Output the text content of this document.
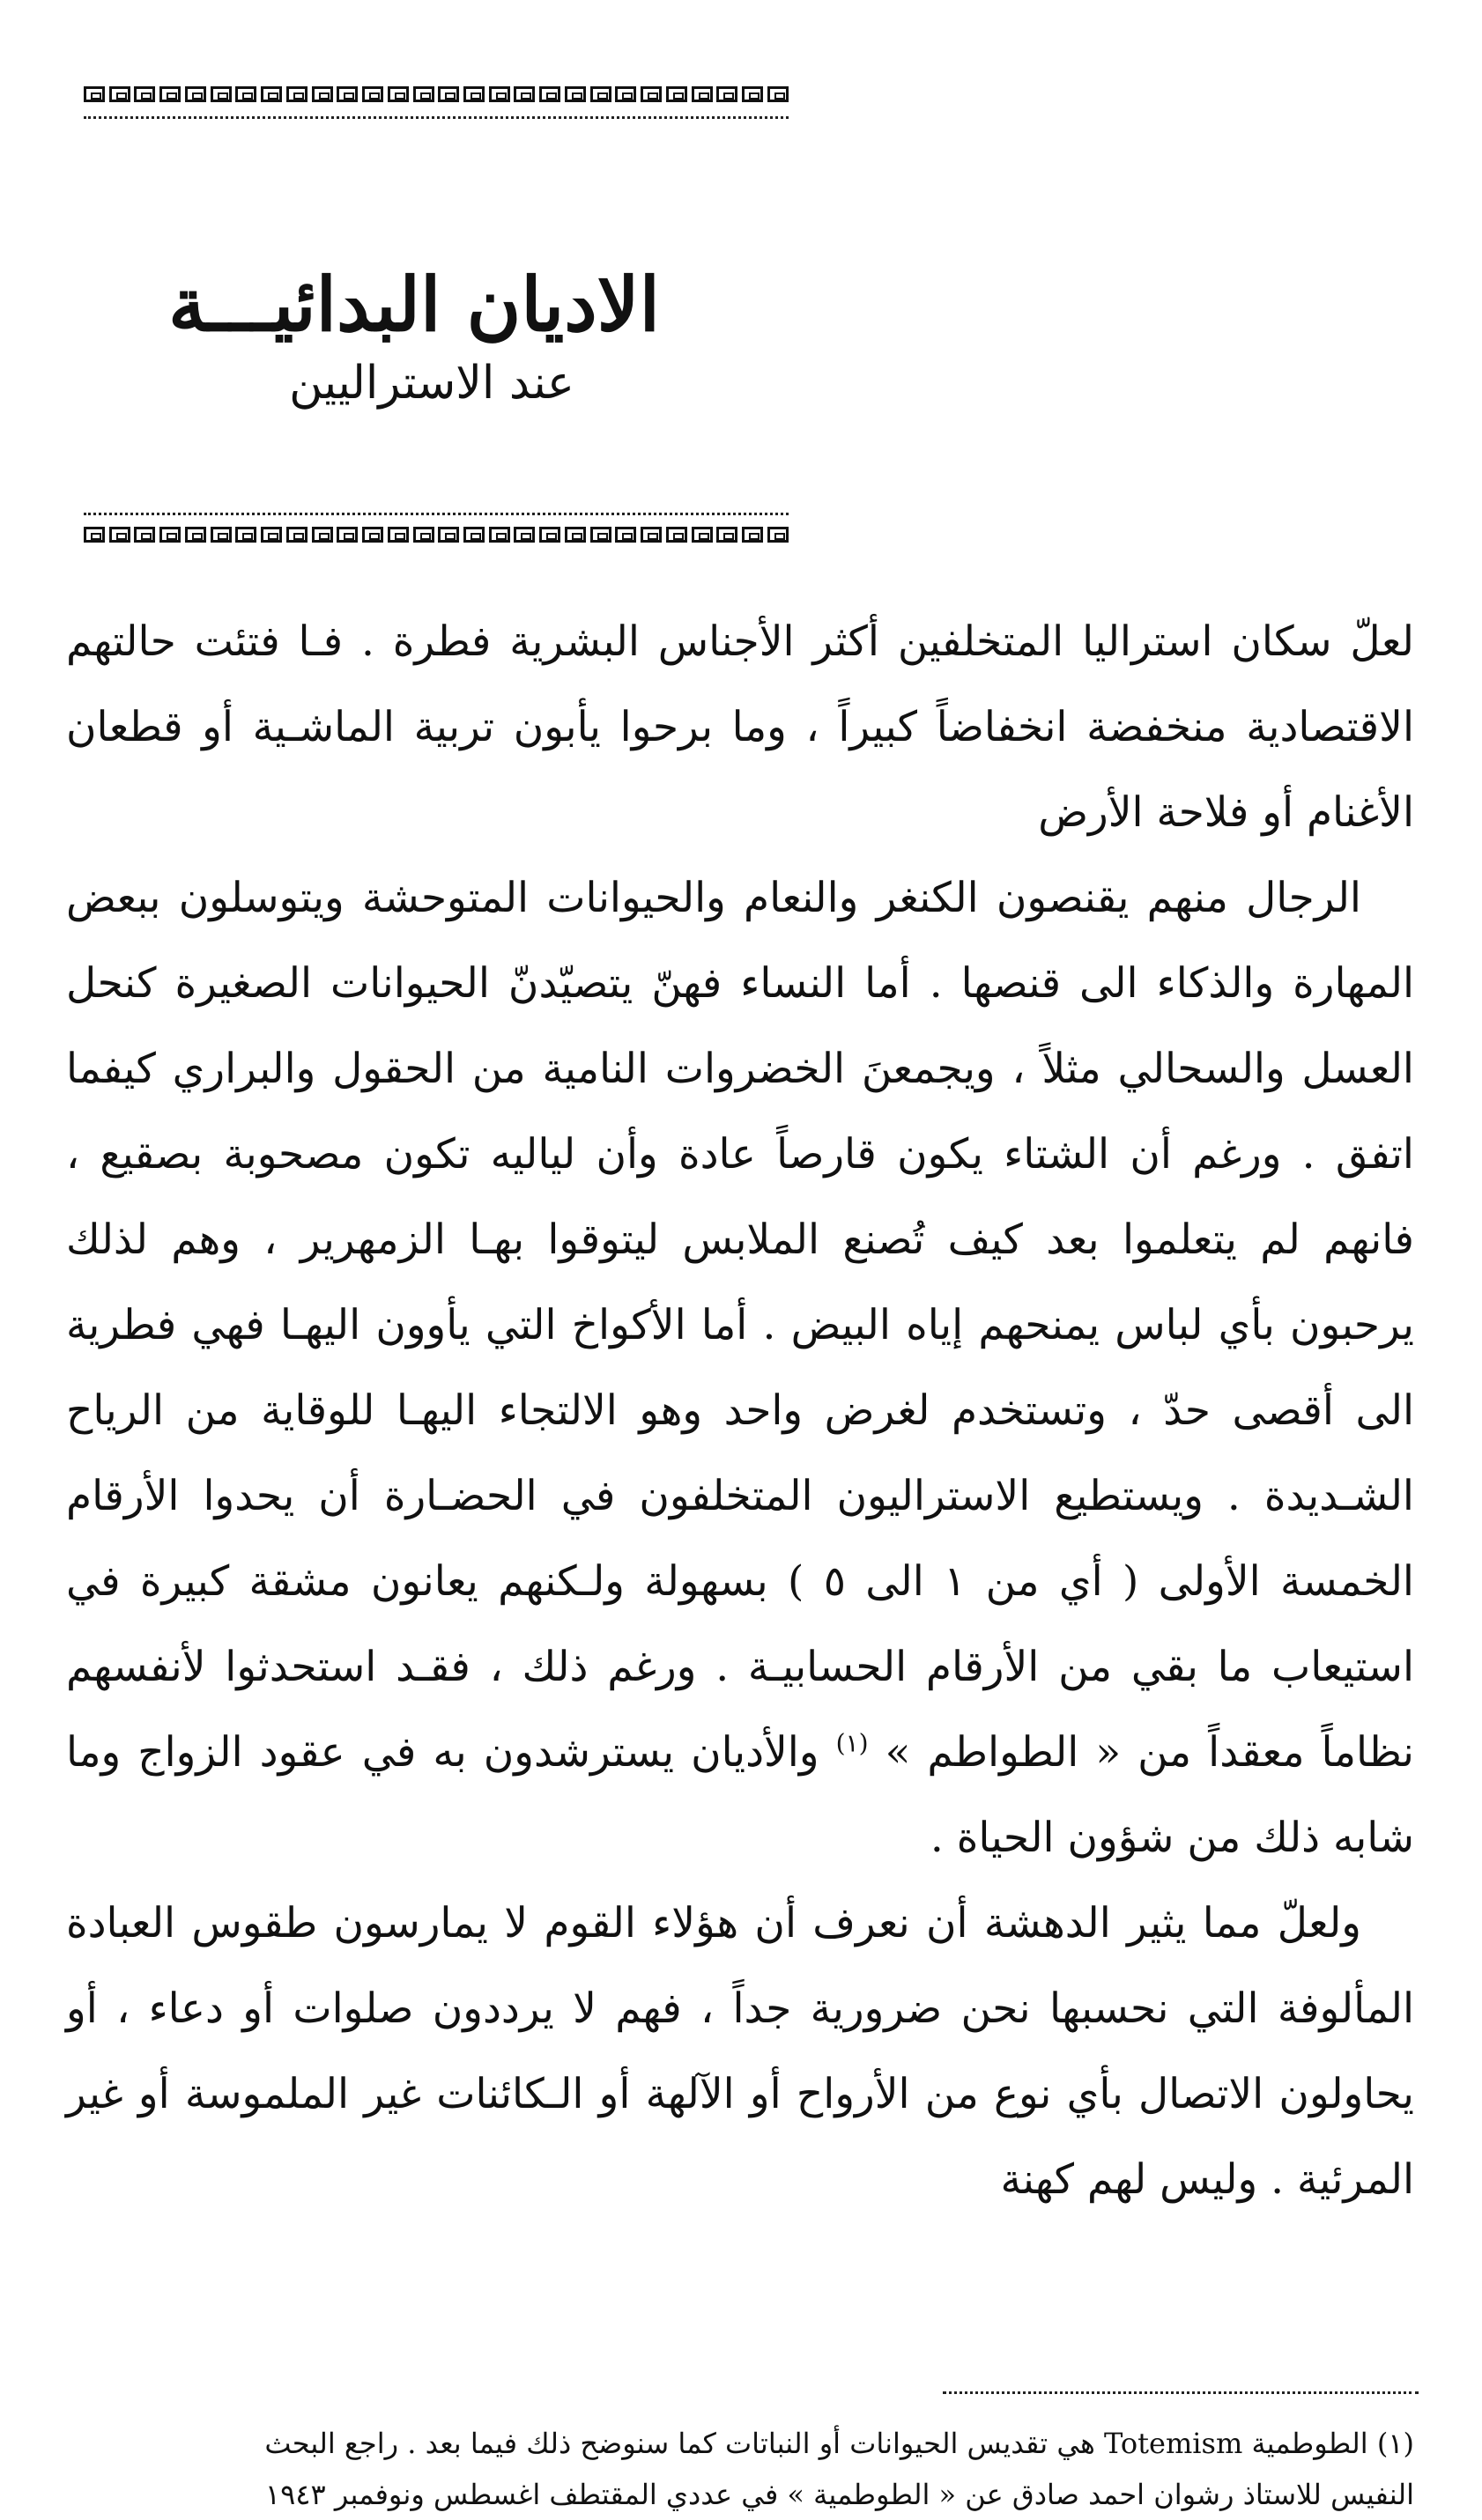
الاديان البدائيـــة
عند الاستراليين

لعلّ سكان استراليا المتخلفين أكثر الأجناس البشرية فطرة . فـا فتئت حالتهم الاقتصادية منخفضة انخفاضاً كبيراً ، وما برحوا يأبون تربية الماشـية أو قطعان الأغنام أو فلاحة الأرض

الرجال منهم يقنصون الكنغر والنعام والحيوانات المتوحشة ويتوسلون ببعض المهارة والذكاء الى قنصها . أما النساء فهنّ يتصيّدنّ الحيوانات الصغيرة كنحل العسل والسحالي مثلاً ، ويجمعنَ الخضروات النامية من الحقول والبراري كيفما اتفق . ورغم أن الشتاء يكون قارصاً عادة وأن لياليه تكون مصحوبة بصقيع ، فانهم لم يتعلموا بعد كيف تُصنع الملابس ليتوقوا بهـا الزمهرير ، وهم لذلك يرحبون بأي لباس يمنحهم إياه البيض . أما الأكواخ التي يأوون اليهـا فهي فطرية الى أقصى حدّ ، وتستخدم لغرض واحد وهو الالتجاء اليهـا للوقاية من الرياح الشـديدة . ويستطيع الاستراليون المتخلفون في الحضـارة أن يحدوا الأرقام الخمسة الأولى ( أي من ١ الى ٥ ) بسهولة ولـكنهم يعانون مشقة كبيرة في استيعاب ما بقي من الأرقام الحسابيـة . ورغم ذلك ، فقـد استحدثوا لأنفسهم نظاماً معقداً من « الطواطم » $^{(١)}$ والأديان يسترشدون به في عقود الزواج وما شابه ذلك من شؤون الحياة .

ولعلّ مما يثير الدهشة أن نعرف أن هؤلاء القوم لا يمارسون طقوس العبادة المألوفة التي نحسبها نحن ضرورية جداً ، فهم لا يرددون صلوات أو دعاء ، أو يحاولون الاتصال بأي نوع من الأرواح أو الآلهة أو الـكائنات غير الملموسة أو غير المرئية . وليس لهم كهنة

(١) الطوطمية Totemism هي تقديس الحيوانات أو النباتات كما سنوضح ذلك فيما بعد . راجع البحث

النفيس للاستاذ رشوان احمد صادق عن « الطوطمية » في عددي المقتطف اغسطس ونوفمبر ١٩٤٣
